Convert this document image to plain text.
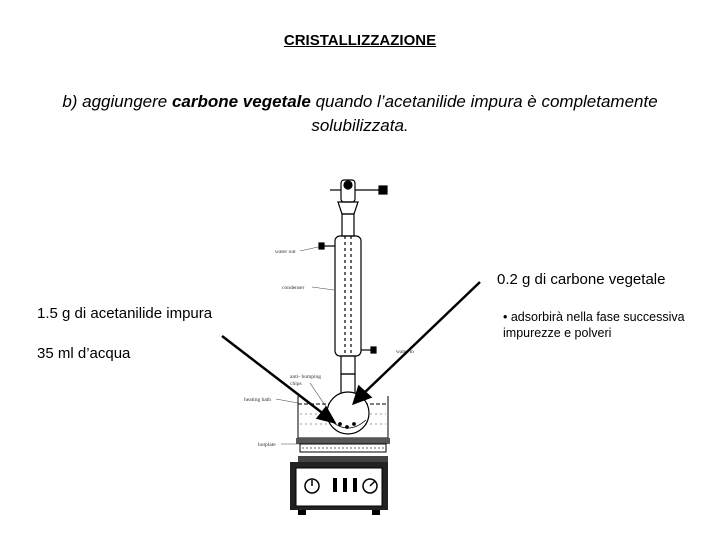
CRISTALLIZZAZIONE
b) aggiungere carbone vegetale quando l’acetanilide impura è completamente solubilizzata.
1.5 g di acetanilide impura
35 ml d’acqua
0.2 g di carbone vegetale
• adsorbirà nella fase successiva
impurezze e polveri
water out
condenser
water in
anti- bumping
chips
heating bath
hotplate
